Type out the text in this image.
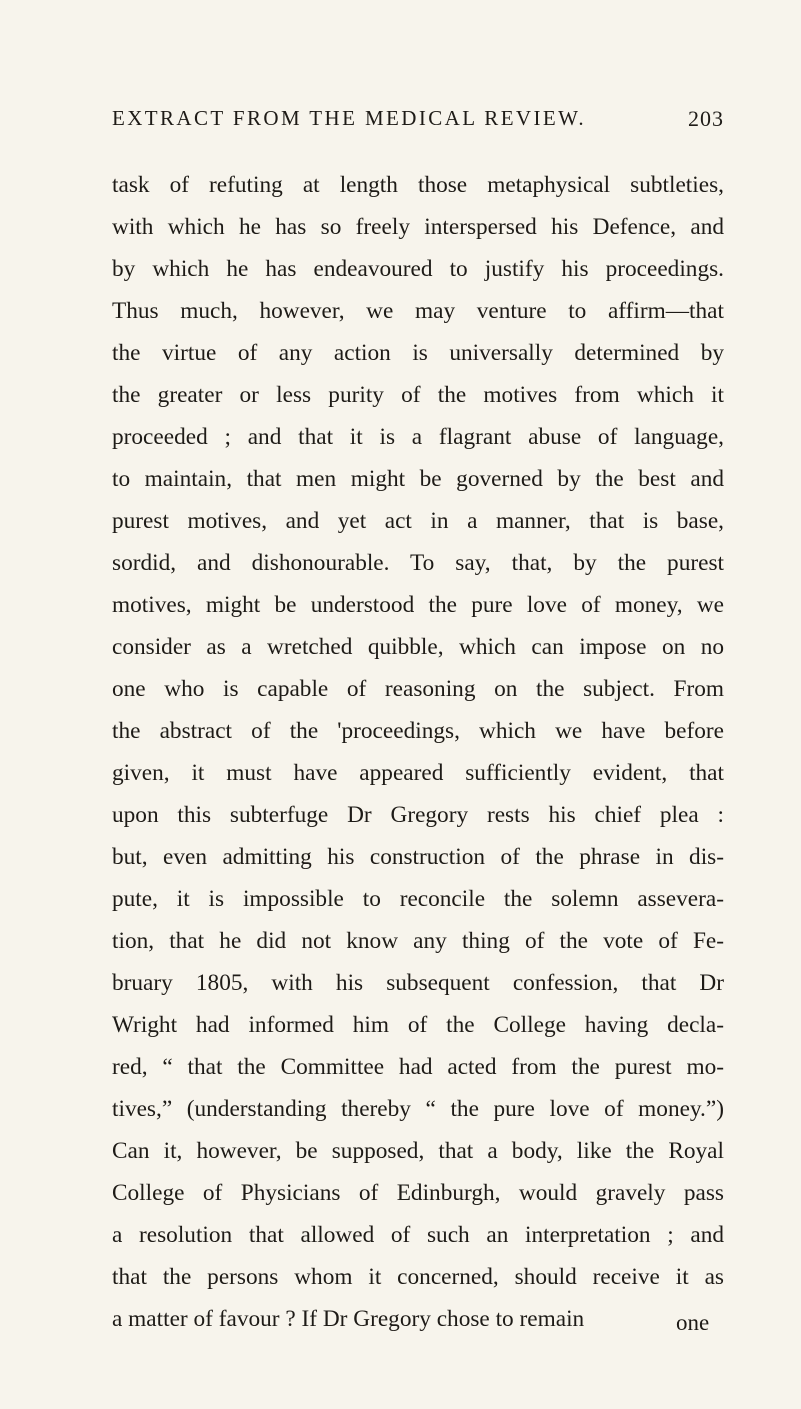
EXTRACT FROM THE MEDICAL REVIEW.	203
task of refuting at length those metaphysical subtleties,
with which he has so freely interspersed his Defence, and
by which he has endeavoured to justify his proceedings.
Thus much, however, we may venture to affirm—that
the virtue of any action is universally determined by
the greater or less purity of the motives from which it
proceeded ; and that it is a flagrant abuse of language,
to maintain, that men might be governed by the best and
purest motives, and yet act in a manner, that is base,
sordid, and dishonourable. To say, that, by the purest
motives, might be understood the pure love of money, we
consider as a wretched quibble, which can impose on no
one who is capable of reasoning on the subject. From
the abstract of the 'proceedings, which we have before
given, it must have appeared sufficiently evident, that
upon this subterfuge Dr Gregory rests his chief plea :
but, even admitting his construction of the phrase in dis-
pute, it is impossible to reconcile the solemn assevera-
tion, that he did not know any thing of the vote of Fe-
bruary 1805, with his subsequent confession, that Dr
Wright had informed him of the College having decla-
red, “ that the Committee had acted from the purest mo-
tives,” (understanding thereby “ the pure love of money.”)
Can it, however, be supposed, that a body, like the Royal
College of Physicians of Edinburgh, would gravely pass
a resolution that allowed of such an interpretation ; and
that the persons whom it concerned, should receive it as
a matter of favour ? If Dr Gregory chose to remain	one
